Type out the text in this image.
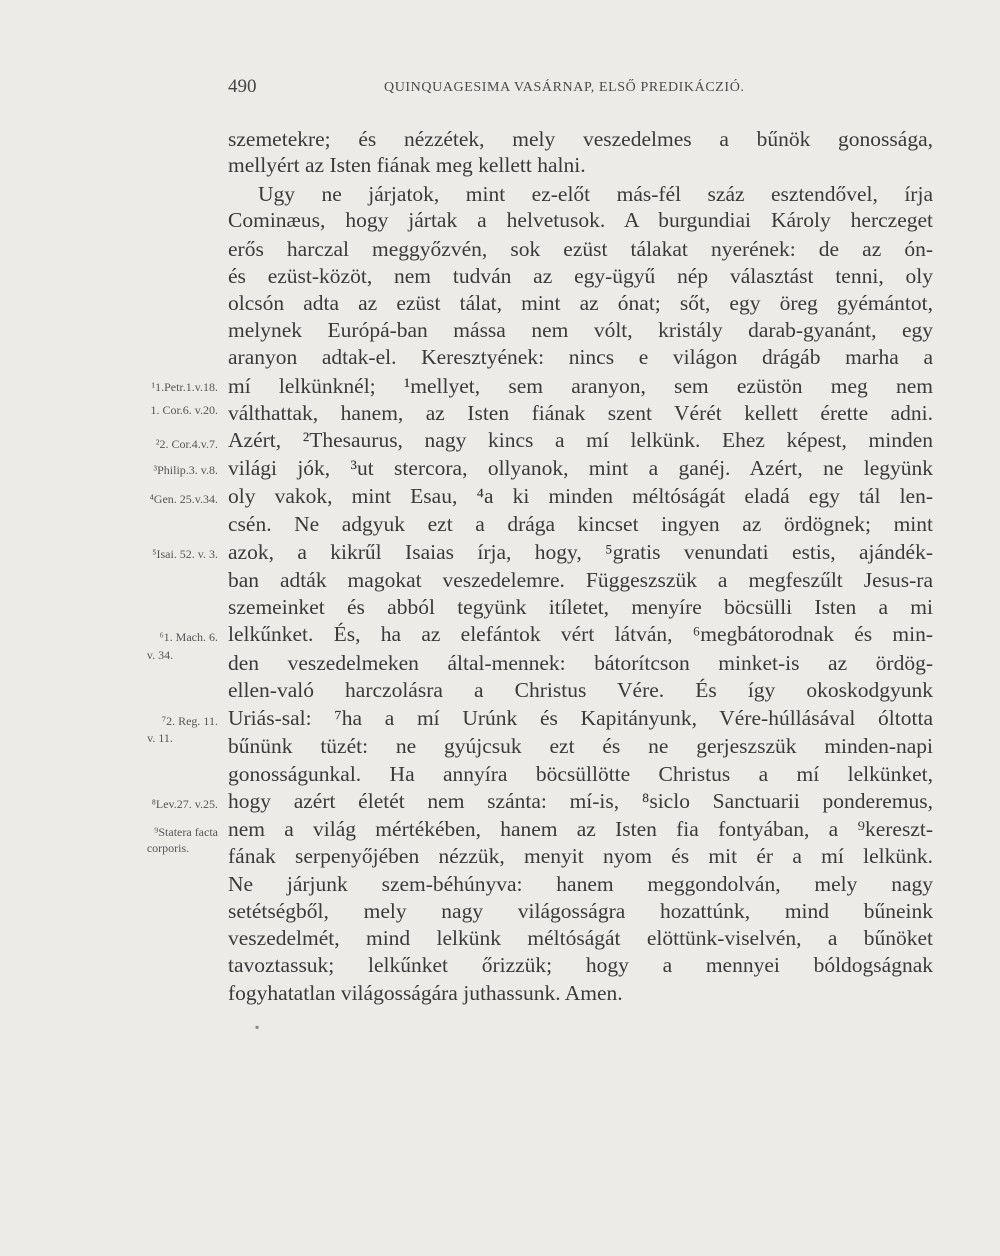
490	QUINQUAGESIMA VASÁRNAP, ELSŐ PREDIKÁCZIÓ.
szemetekre; és nézzétek, mely veszedelmes a bűnök gonossága,
mellyért az Isten fiának meg kellett halni.
Ugy ne járjatok, mint ez-előt más-fél száz esztendővel, írja
Cominæus, hogy jártak a helvetusok. A burgundiai Károly herczeget
erős harczal meggyőzvén, sok ezüst tálakat nyerének: de az ón-
és ezüst-közöt, nem tudván az egy-ügyű nép választást tenni, oly
olcsón adta az ezüst tálat, mint az ónat; sőt, egy öreg gyémántot,
melynek Európá-ban mássa nem vólt, kristály darab-gyanánt, egy
aranyon adtak-el. Keresztyének: nincs e világon drágáb marha a
mí lelkünknél; ¹mellyet, sem aranyon, sem ezüstön meg nem
válthattak, hanem, az Isten fiának szent Vérét kellett érette adni.
Azért, ²Thesaurus, nagy kincs a mí lelkünk. Ehez képest, minden
világi jók, ³ut stercora, ollyanok, mint a ganéj. Azért, ne legyünk
oly vakok, mint Esau, ⁴a ki minden méltóságát eladá egy tál len-
csén. Ne adgyuk ezt a drága kincset ingyen az ördögnek; mint
azok, a kikrűl Isaias írja, hogy, ⁵gratis venundati estis, ajándék-
ban adták magokat veszedelemre. Függeszszük a megfeszűlt Jesus-ra
szemeinket és abból tegyünk itíletet, menyíre böcsülli Isten a mi
lelkűnket. És, ha az elefántok vért látván, ⁶megbátorodnak és min-
den veszedelmeken által-mennek: bátorítcson minket-is az ördög-
ellen-való harczolásra a Christus Vére. És így okoskodgyunk
Uriás-sal: ⁷ha a mí Urúnk és Kapitányunk, Vére-húllásával óltotta
bűnünk tüzét: ne gyújcsuk ezt és ne gerjeszszük minden-napi
gonosságunkal. Ha annyíra böcsüllötte Christus a mí lelkünket,
hogy azért életét nem szánta: mí-is, ⁸siclo Sanctuarii ponderemus,
nem a világ mértékében, hanem az Isten fia fontyában, a ⁹kereszt-
fának serpenyőjében nézzük, menyit nyom és mit ér a mí lelkünk.
Ne járjunk szem-béhúnyva: hanem meggondolván, mely nagy
setétségből, mely nagy világosságra hozattúnk, mind bűneink
veszedelmét, mind lelkünk méltóságát elöttünk-viselvén, a bűnöket
tavoztassuk; lelkűnket őrizzük; hogy a mennyei bóldogságnak
fogyhatatlan világosságára juthassunk. Amen.
¹1.Petr.1.v.18.
1. Cor.6. v.20.
²2. Cor.4.v.7.
³Philip.3. v.8.
⁴Gen. 25.v.34.
⁵Isai. 52. v. 3.
⁶1. Mach. 6.
v. 34.
⁷2. Reg. 11.
v. 11.
⁸Lev.27. v.25.
⁹Statera facta
corporis.
▪
